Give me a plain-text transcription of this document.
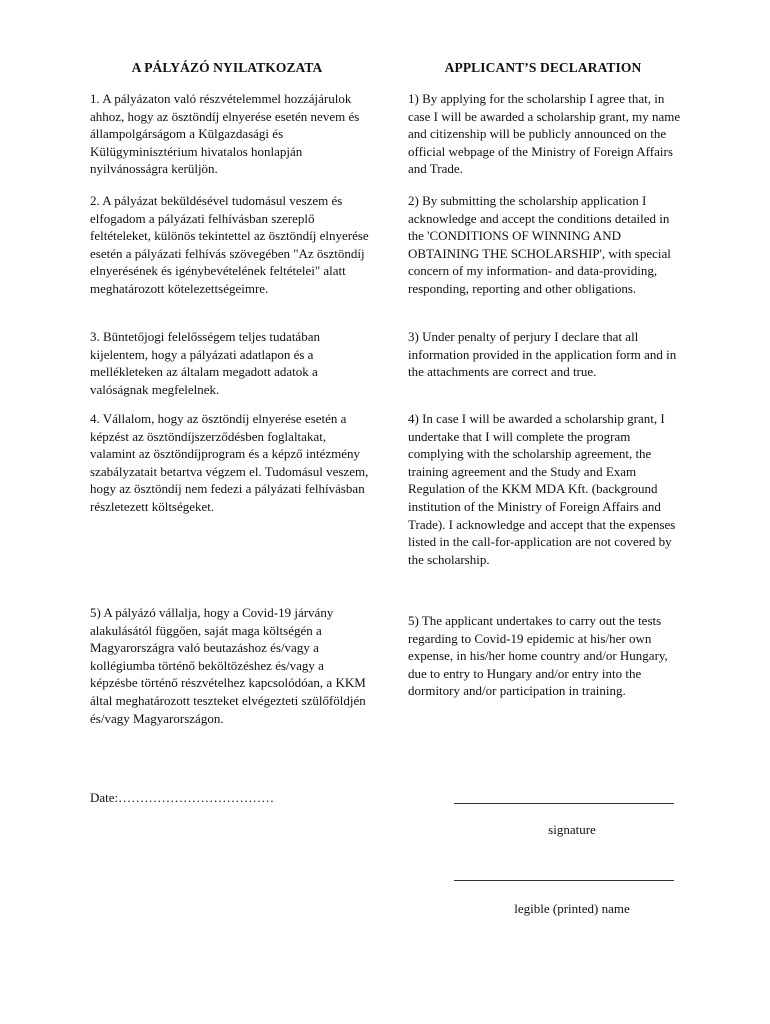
A PÁLYÁZÓ NYILATKOZATA	APPLICANT’S DECLARATION

1. A pályázaton való részvételemmel hozzájárulok ahhoz, hogy az ösztöndíj elnyerése esetén nevem és állampolgárságom a Külgazdasági és Külügyminisztérium hivatalos honlapján nyilvánosságra kerüljön.

2. A pályázat beküldésével tudomásul veszem és elfogadom a pályázati felhívásban szereplő feltételeket, különös tekintettel az ösztöndíj elnyerése esetén a pályázati felhívás szövegében "Az ösztöndíj elnyerésének és igénybevételének feltételei" alatt meghatározott kötelezettségeimre.

3. Büntetőjogi felelősségem teljes tudatában kijelentem, hogy a pályázati adatlapon és a mellékleteken az általam megadott adatok a valóságnak megfelelnek.

4. Vállalom, hogy az ösztöndíj elnyerése esetén a képzést az ösztöndíjszerződésben foglaltakat, valamint az ösztöndíjprogram és a képző intézmény szabályzatait betartva végzem el. Tudomásul veszem, hogy az ösztöndíj nem fedezi a pályázati felhívásban részletezett költségeket.

5) A pályázó vállalja, hogy a Covid-19 járvány alakulásától függően, saját maga költségén a Magyarországra való beutazáshoz és/vagy a kollégiumba történő beköltözéshez és/vagy a képzésbe történő részvételhez kapcsolódóan, a KKM által meghatározott teszteket elvégezteti szülőföldjén és/vagy Magyarországon.

1) By applying for the scholarship I agree that, in case I will be awarded a scholarship grant, my name and citizenship will be publicly announced on the official webpage of the Ministry of Foreign Affairs and Trade.

2) By submitting the scholarship application I acknowledge and accept the conditions detailed in the 'CONDITIONS OF WINNING AND OBTAINING THE SCHOLARSHIP', with special concern of my information- and data-providing, responding, reporting and other obligations.

3) Under penalty of perjury I declare that all information provided in the application form and in the attachments are correct and true.

4) In case I will be awarded a scholarship grant, I undertake that I will complete the program complying with the scholarship agreement, the training agreement and the Study and Exam Regulation of the KKM MDA Kft. (background institution of the Ministry of Foreign Affairs and Trade). I acknowledge and accept that the expenses listed in the call-for-application are not covered by the scholarship.

5) The applicant undertakes to carry out the tests regarding to Covid-19 epidemic at his/her own expense, in his/her home country and/or Hungary, due to entry to Hungary and/or entry into the dormitory and/or participation in training.

Date:………………………………
signature
legible (printed) name
